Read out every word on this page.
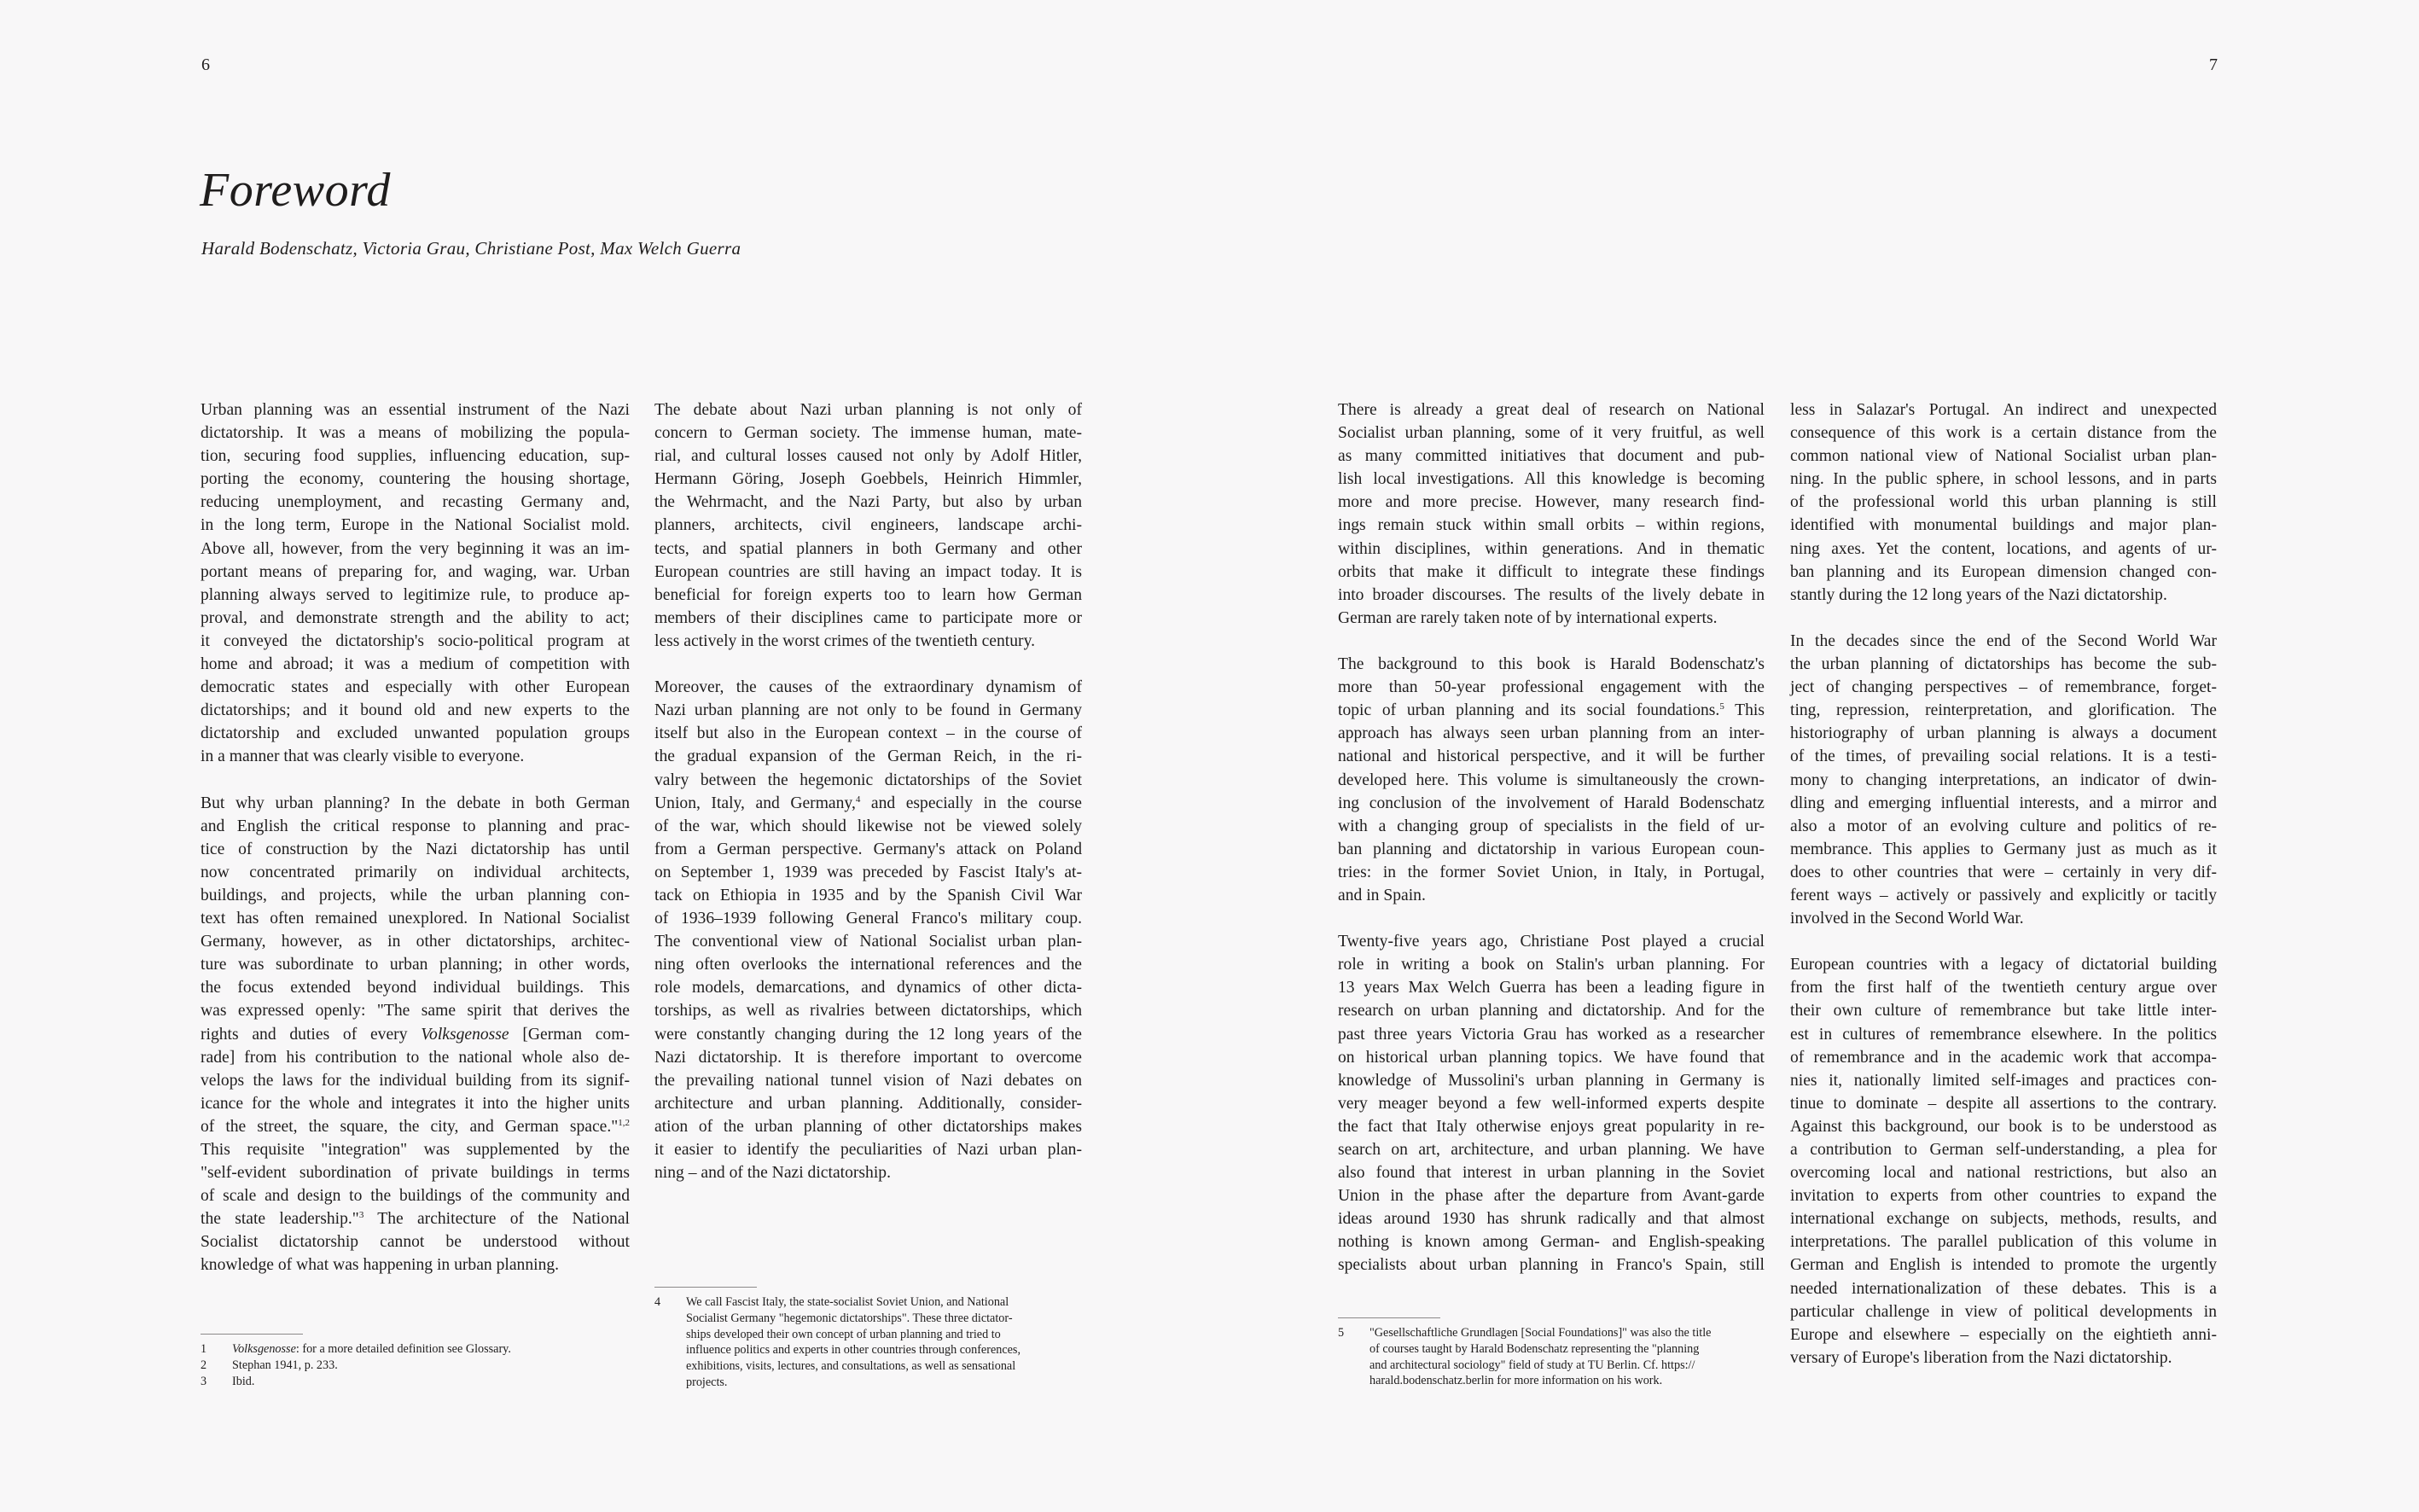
6	7
Foreword

Harald Bodenschatz, Victoria Grau, Christiane Post, Max Welch Guerra

Urban planning was an essential instrument of the Nazi
dictatorship. It was a means of mobilizing the popula-
tion, securing food supplies, influencing education, sup-
porting the economy, countering the housing shortage,
reducing unemployment, and recasting Germany and,
in the long term, Europe in the National Socialist mold.
Above all, however, from the very beginning it was an im-
portant means of preparing for, and waging, war. Urban
planning always served to legitimize rule, to produce ap-
proval, and demonstrate strength and the ability to act;
it conveyed the dictatorship's socio-political program at
home and abroad; it was a medium of competition with
democratic states and especially with other European
dictatorships; and it bound old and new experts to the
dictatorship and excluded unwanted population groups
in a manner that was clearly visible to everyone.

But why urban planning? In the debate in both German
and English the critical response to planning and prac-
tice of construction by the Nazi dictatorship has until
now concentrated primarily on individual architects,
buildings, and projects, while the urban planning con-
text has often remained unexplored. In National Socialist
Germany, however, as in other dictatorships, architec-
ture was subordinate to urban planning; in other words,
the focus extended beyond individual buildings. This
was expressed openly: "The same spirit that derives the
rights and duties of every Volksgenosse [German com-
rade] from his contribution to the national whole also de-
velops the laws for the individual building from its signif-
icance for the whole and integrates it into the higher units
of the street, the square, the city, and German space."$^{1,2}$
This requisite "integration" was supplemented by the
"self-evident subordination of private buildings in terms
of scale and design to the buildings of the community and
the state leadership."$^3$ The architecture of the National
Socialist dictatorship cannot be understood without
knowledge of what was happening in urban planning.

The debate about Nazi urban planning is not only of
concern to German society. The immense human, mate-
rial, and cultural losses caused not only by Adolf Hitler,
Hermann Göring, Joseph Goebbels, Heinrich Himmler,
the Wehrmacht, and the Nazi Party, but also by urban
planners, architects, civil engineers, landscape archi-
tects, and spatial planners in both Germany and other
European countries are still having an impact today. It is
beneficial for foreign experts too to learn how German
members of their disciplines came to participate more or
less actively in the worst crimes of the twentieth century.

Moreover, the causes of the extraordinary dynamism of
Nazi urban planning are not only to be found in Germany
itself but also in the European context – in the course of
the gradual expansion of the German Reich, in the ri-
valry between the hegemonic dictatorships of the Soviet
Union, Italy, and Germany,$^4$ and especially in the course
of the war, which should likewise not be viewed solely
from a German perspective. Germany's attack on Poland
on September 1, 1939 was preceded by Fascist Italy's at-
tack on Ethiopia in 1935 and by the Spanish Civil War
of 1936–1939 following General Franco's military coup.
The conventional view of National Socialist urban plan-
ning often overlooks the international references and the
role models, demarcations, and dynamics of other dicta-
torships, as well as rivalries between dictatorships, which
were constantly changing during the 12 long years of the
Nazi dictatorship. It is therefore important to overcome
the prevailing national tunnel vision of Nazi debates on
architecture and urban planning. Additionally, consider-
ation of the urban planning of other dictatorships makes
it easier to identify the peculiarities of Nazi urban plan-
ning – and of the Nazi dictatorship.

There is already a great deal of research on National
Socialist urban planning, some of it very fruitful, as well
as many committed initiatives that document and pub-
lish local investigations. All this knowledge is becoming
more and more precise. However, many research find-
ings remain stuck within small orbits – within regions,
within disciplines, within generations. And in thematic
orbits that make it difficult to integrate these findings
into broader discourses. The results of the lively debate in
German are rarely taken note of by international experts.

The background to this book is Harald Bodenschatz's
more than 50-year professional engagement with the
topic of urban planning and its social foundations.$^5$ This
approach has always seen urban planning from an inter-
national and historical perspective, and it will be further
developed here. This volume is simultaneously the crown-
ing conclusion of the involvement of Harald Bodenschatz
with a changing group of specialists in the field of ur-
ban planning and dictatorship in various European coun-
tries: in the former Soviet Union, in Italy, in Portugal,
and in Spain.

Twenty-five years ago, Christiane Post played a crucial
role in writing a book on Stalin's urban planning. For
13 years Max Welch Guerra has been a leading figure in
research on urban planning and dictatorship. And for the
past three years Victoria Grau has worked as a researcher
on historical urban planning topics. We have found that
knowledge of Mussolini's urban planning in Germany is
very meager beyond a few well-informed experts despite
the fact that Italy otherwise enjoys great popularity in re-
search on art, architecture, and urban planning. We have
also found that interest in urban planning in the Soviet
Union in the phase after the departure from Avant-garde
ideas around 1930 has shrunk radically and that almost
nothing is known among German- and English-speaking
specialists about urban planning in Franco's Spain, still

less in Salazar's Portugal. An indirect and unexpected
consequence of this work is a certain distance from the
common national view of National Socialist urban plan-
ning. In the public sphere, in school lessons, and in parts
of the professional world this urban planning is still
identified with monumental buildings and major plan-
ning axes. Yet the content, locations, and agents of ur-
ban planning and its European dimension changed con-
stantly during the 12 long years of the Nazi dictatorship.

In the decades since the end of the Second World War
the urban planning of dictatorships has become the sub-
ject of changing perspectives – of remembrance, forget-
ting, repression, reinterpretation, and glorification. The
historiography of urban planning is always a document
of the times, of prevailing social relations. It is a testi-
mony to changing interpretations, an indicator of dwin-
dling and emerging influential interests, and a mirror and
also a motor of an evolving culture and politics of re-
membrance. This applies to Germany just as much as it
does to other countries that were – certainly in very dif-
ferent ways – actively or passively and explicitly or tacitly
involved in the Second World War.

European countries with a legacy of dictatorial building
from the first half of the twentieth century argue over
their own culture of remembrance but take little inter-
est in cultures of remembrance elsewhere. In the politics
of remembrance and in the academic work that accompa-
nies it, nationally limited self-images and practices con-
tinue to dominate – despite all assertions to the contrary.
Against this background, our book is to be understood as
a contribution to German self-understanding, a plea for
overcoming local and national restrictions, but also an
invitation to experts from other countries to expand the
international exchange on subjects, methods, results, and
interpretations. The parallel publication of this volume in
German and English is intended to promote the urgently
needed internationalization of these debates. This is a
particular challenge in view of political developments in
Europe and elsewhere – especially on the eightieth anni-
versary of Europe's liberation from the Nazi dictatorship.

1	Volksgenosse: for a more detailed definition see Glossary.
2	Stephan 1941, p. 233.
3	Ibid.
4	We call Fascist Italy, the state-socialist Soviet Union, and National
Socialist Germany "hegemonic dictatorships". These three dictator-
ships developed their own concept of urban planning and tried to
influence politics and experts in other countries through conferences,
exhibitions, visits, lectures, and consultations, as well as sensational
projects.
5	"Gesellschaftliche Grundlagen [Social Foundations]" was also the title
of courses taught by Harald Bodenschatz representing the "planning
and architectural sociology" field of study at TU Berlin. Cf. https://
harald.bodenschatz.berlin for more information on his work.
